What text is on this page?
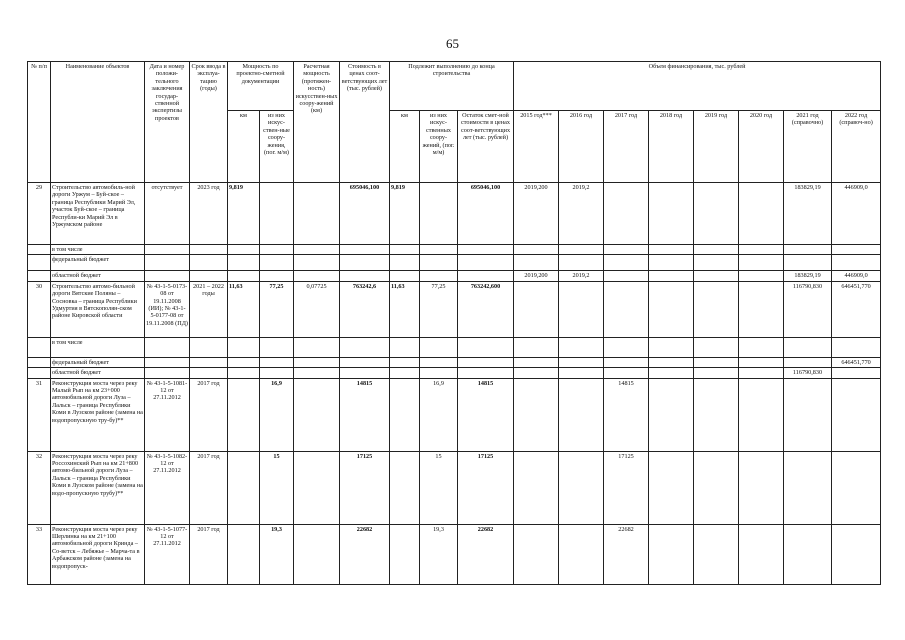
65
№ п/п	Наименование объектов	Дата и номер положи-тельного заключения государ-ственной экспертизы проектов	Срок ввода в эксплуа-тацию (годы)	Мощность по проектно-сметной документации		Расчетная мощность (протяжен-ность) искусствен-ных соору-жений (км)	Стоимость в ценах соот-ветствующих лет (тыс. рублей)	Подлежит выполнению до конца строительства			Объем финансирования, тыс. рублей							
				км	из них искус-ствен-ные соору-жения, (пог. м/м)			км	из них искус-ственных соору-жений, (пог. м/м)	Остаток смет-ной стоимости в ценах соот-ветствующих лет (тыс. рублей)	2015 год***	2016 год	2017 год	2018 год	2019 год	2020 год	2021 год (справочно)	2022 год (справоч-но)
29	Строительство автомобиль-ной дороги Уржум – Буй-ское – граница Республики Марий Эл, участок Буй-ское – граница Республи-ки Марий Эл в Уржумском районе	отсутствует	2023 год	9,819			695046,100	9,819		695046,100	2019,200	2019,2					183829,19	446909,0
	в том числе																	
	федеральный бюджет																	
	областной бюджет										2019,200	2019,2					183829,19	446909,0
30	Строительство автомо-бильной дороги Вятские Поляны – Сосновка – граница Республики Удмуртия в Вятскополян-ском районе Кировской области	№ 43-1-5-0173-08 от 19.11.2008 (ИИ); № 43-1-5-0177-08 от 19.11.2008 (ПД)	2021 – 2022 годы	11,63	77,25	0,07725	763242,6	11,63	77,25	763242,600							116790,830	646451,770
	в том числе																	
	федеральный бюджет																	646451,770
	областной бюджет																116790,830	
31	Реконструкция моста через реку Малый Рып на км 23+000 автомобильной дороги Луза – Лальск – граница Республики Коми в Лузском районе (замена на водопропускную тру-бу)**	№ 43-1-5-1081-12 от 27.11.2012	2017 год		16,9		14815		16,9	14815			14815					
32	Реконструкция моста через реку Россохинский Рып на км 21+800 автомо-бильной дороги Луза – Лальск – граница Республики Коми в Лузском районе (замена на водо-пропускную трубу)**	№ 43-1-5-1082-12 от 27.11.2012	2017 год		15		17125		15	17125			17125					
33	Реконструкция моста через реку Шерлинка на км 21+100 автомобильной дороги Кринда – Со-ветск – Лебяжье – Марча-та в Арбажском районе (замена на водопропуск-	№ 43-1-5-1077-12 от 27.11.2012	2017 год		19,3		22682		19,3	22682			22682					
